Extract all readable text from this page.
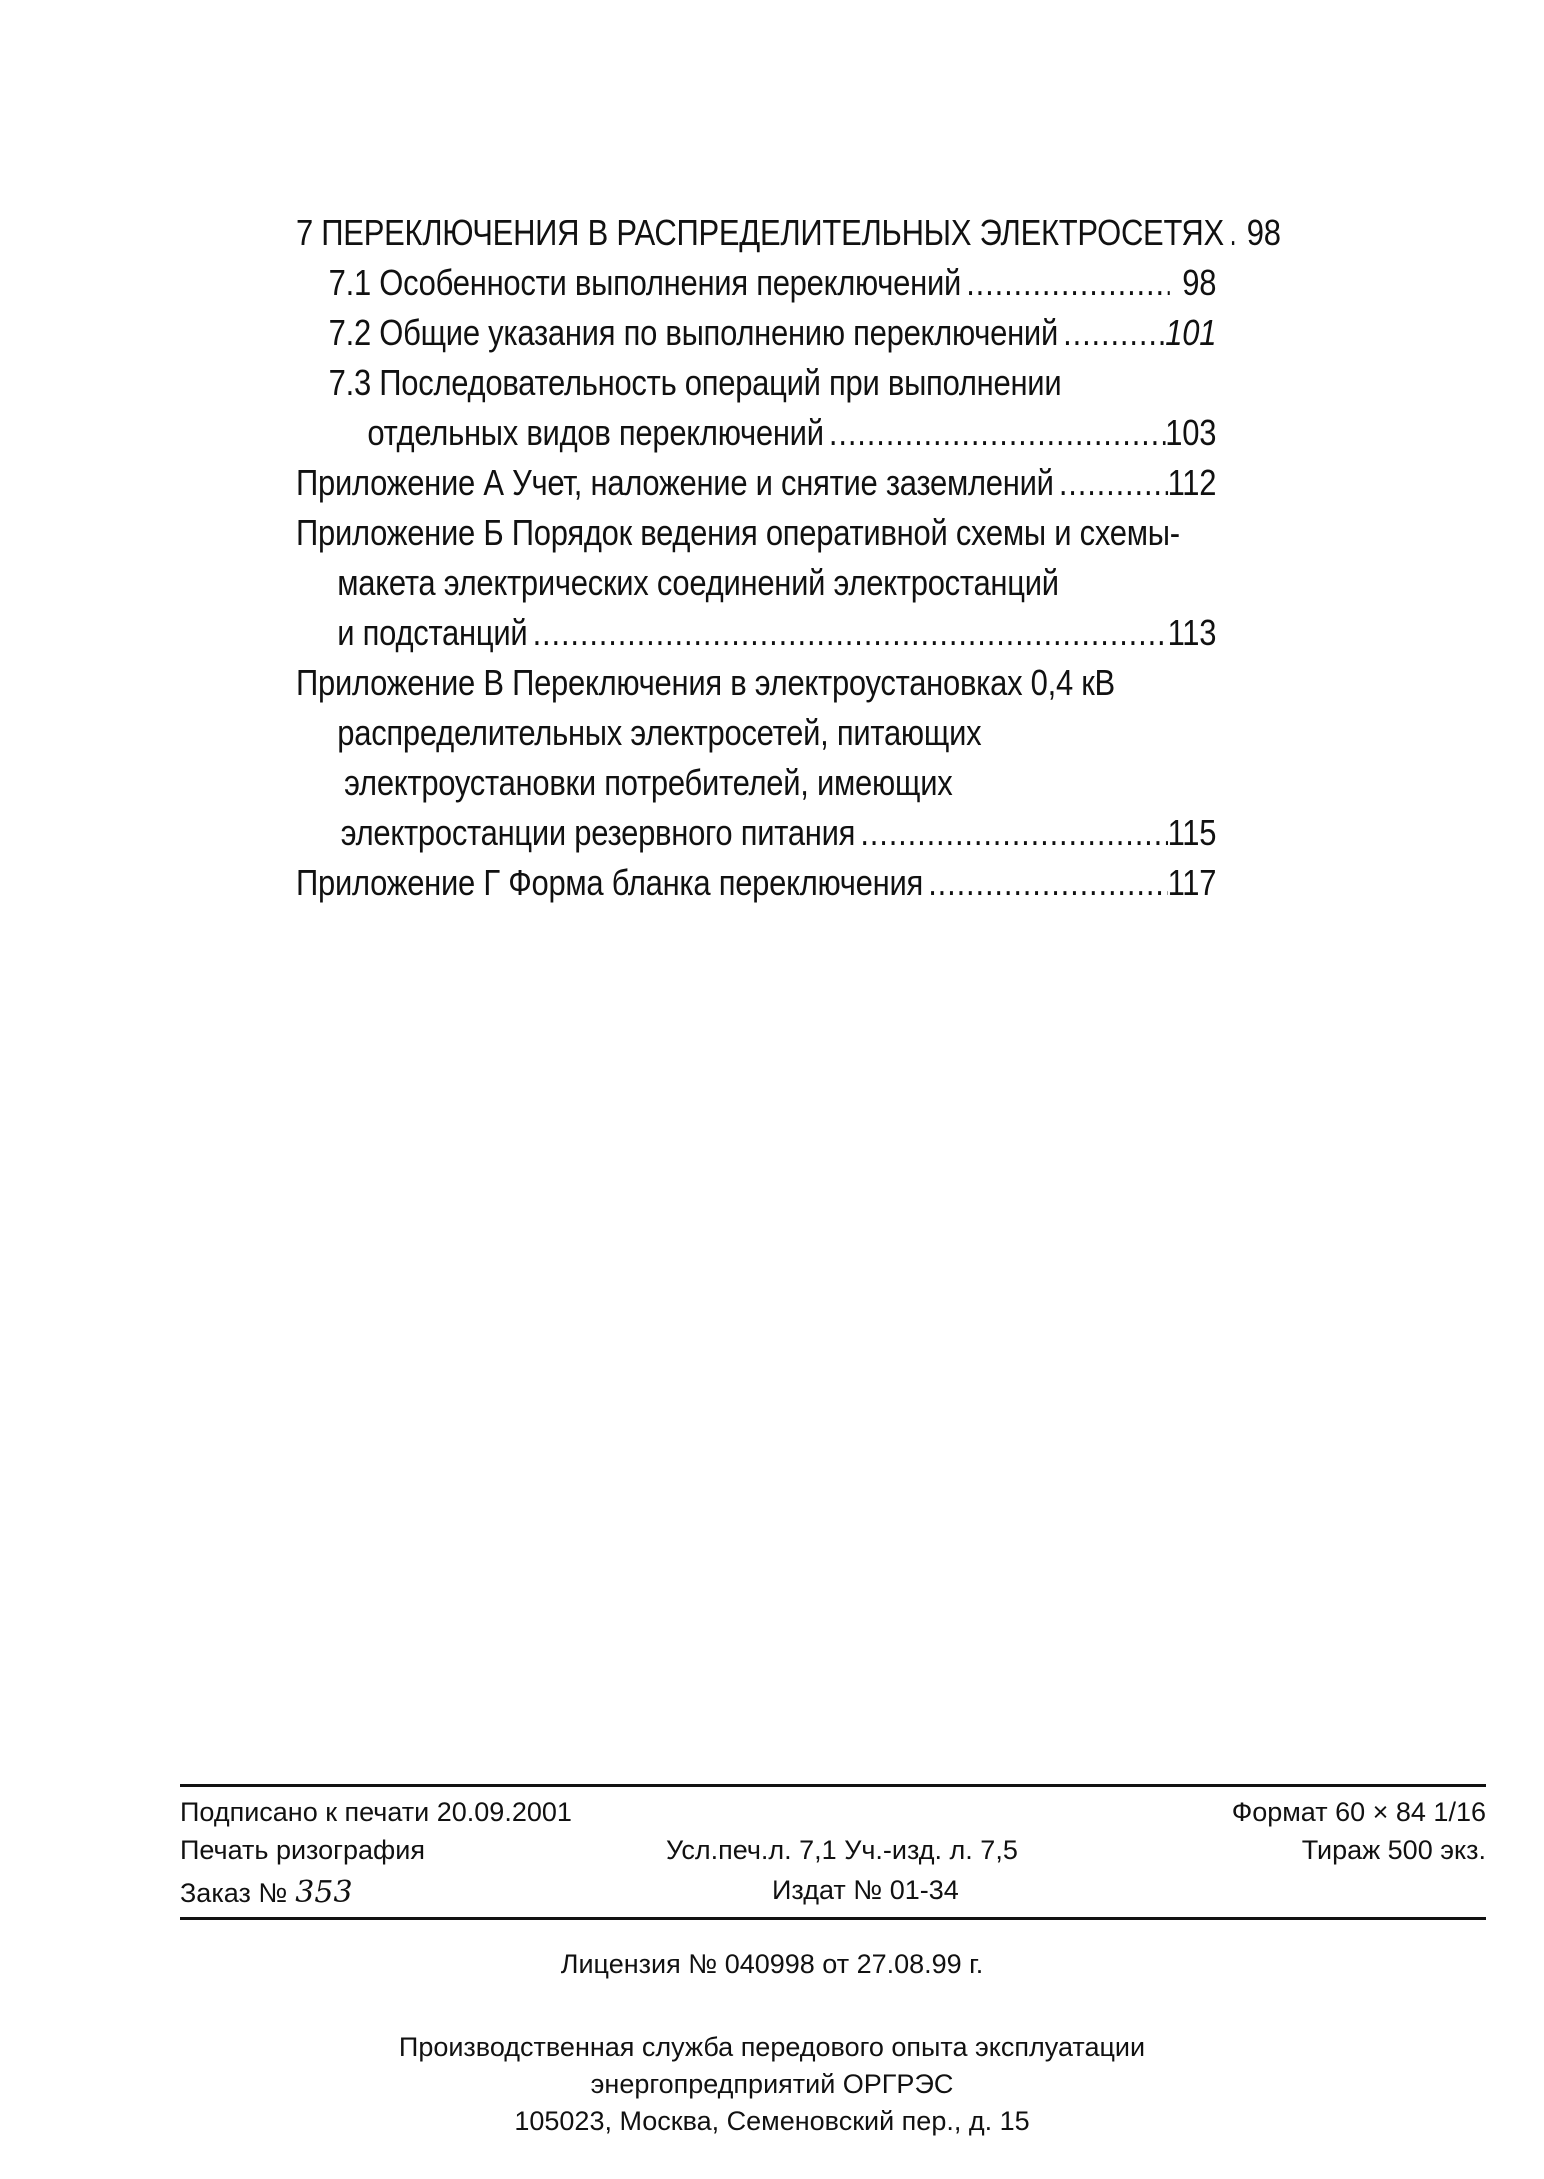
7 ПЕРЕКЛЮЧЕНИЯ В РАСПРЕДЕЛИТЕЛЬНЫХ ЭЛЕКТРОСЕТЯХ ..... 98
7.1 Особенности выполнения переключений .....	98
7.2 Общие указания по выполнению переключений .....	101
7.3 Последовательность операций при выполнении
отдельных видов переключений .....	103
Приложение А Учет, наложение и снятие заземлений .....	112
Приложение Б Порядок ведения оперативной схемы и схемы-
макета электрических соединений электростанций
и подстанций .....	113
Приложение В Переключения в электроустановках 0,4 кВ
распределительных электросетей, питающих
электроустановки потребителей, имеющих
электростанции резервного питания .....	115
Приложение Г Форма бланка переключения .....	117
Подписано к печати 20.09.2001	Формат 60 × 84 1/16
Печать ризография	Усл.печ.л. 7,1 Уч.-изд. л. 7,5	Тираж 500 экз.
Заказ № 353	Издат № 01-34
Лицензия № 040998 от 27.08.99 г.
Производственная служба передового опыта эксплуатации
энергопредприятий ОРГРЭС
105023, Москва, Семеновский пер., д. 15
